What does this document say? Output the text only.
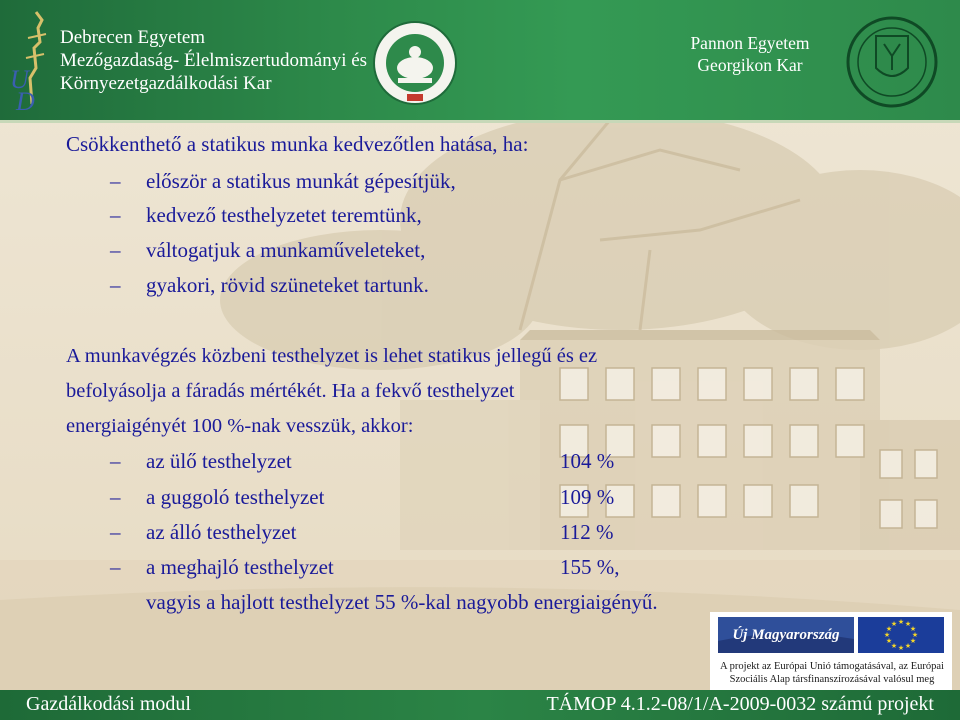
U
D
Debrecen Egyetem
Mezőgazdaság- Élelmiszertudományi és
Környezetgazdálkodási Kar
Pannon Egyetem
Georgikon Kar
Csökkenthető a statikus munka kedvezőtlen hatása, ha:
– először a statikus munkát gépesítjük,
– kedvező testhelyzetet teremtünk,
– váltogatjuk a munkaműveleteket,
– gyakori, rövid szüneteket tartunk.
A munkavégzés közbeni testhelyzet is lehet statikus jellegű és ez
befolyásolja a fáradás mértékét. Ha a fekvő testhelyzet
energiaigényét 100 %-nak vesszük, akkor:
– az ülő testhelyzet	104 %
– a guggoló testhelyzet	109 %
– az álló testhelyzet	112 %
– a meghajló testhelyzet	155 %,
vagyis a hajlott testhelyzet 55 %-kal nagyobb energiaigényű.
Új Magyarország
★ ★
★
★
★
★
★
★
★
★
★
★
A projekt az Európai Unió támogatásával, az Európai
Szociális Alap társfinanszírozásával valósul meg
Gazdálkodási modul	TÁMOP 4.1.2-08/1/A-2009-0032 számú projekt
